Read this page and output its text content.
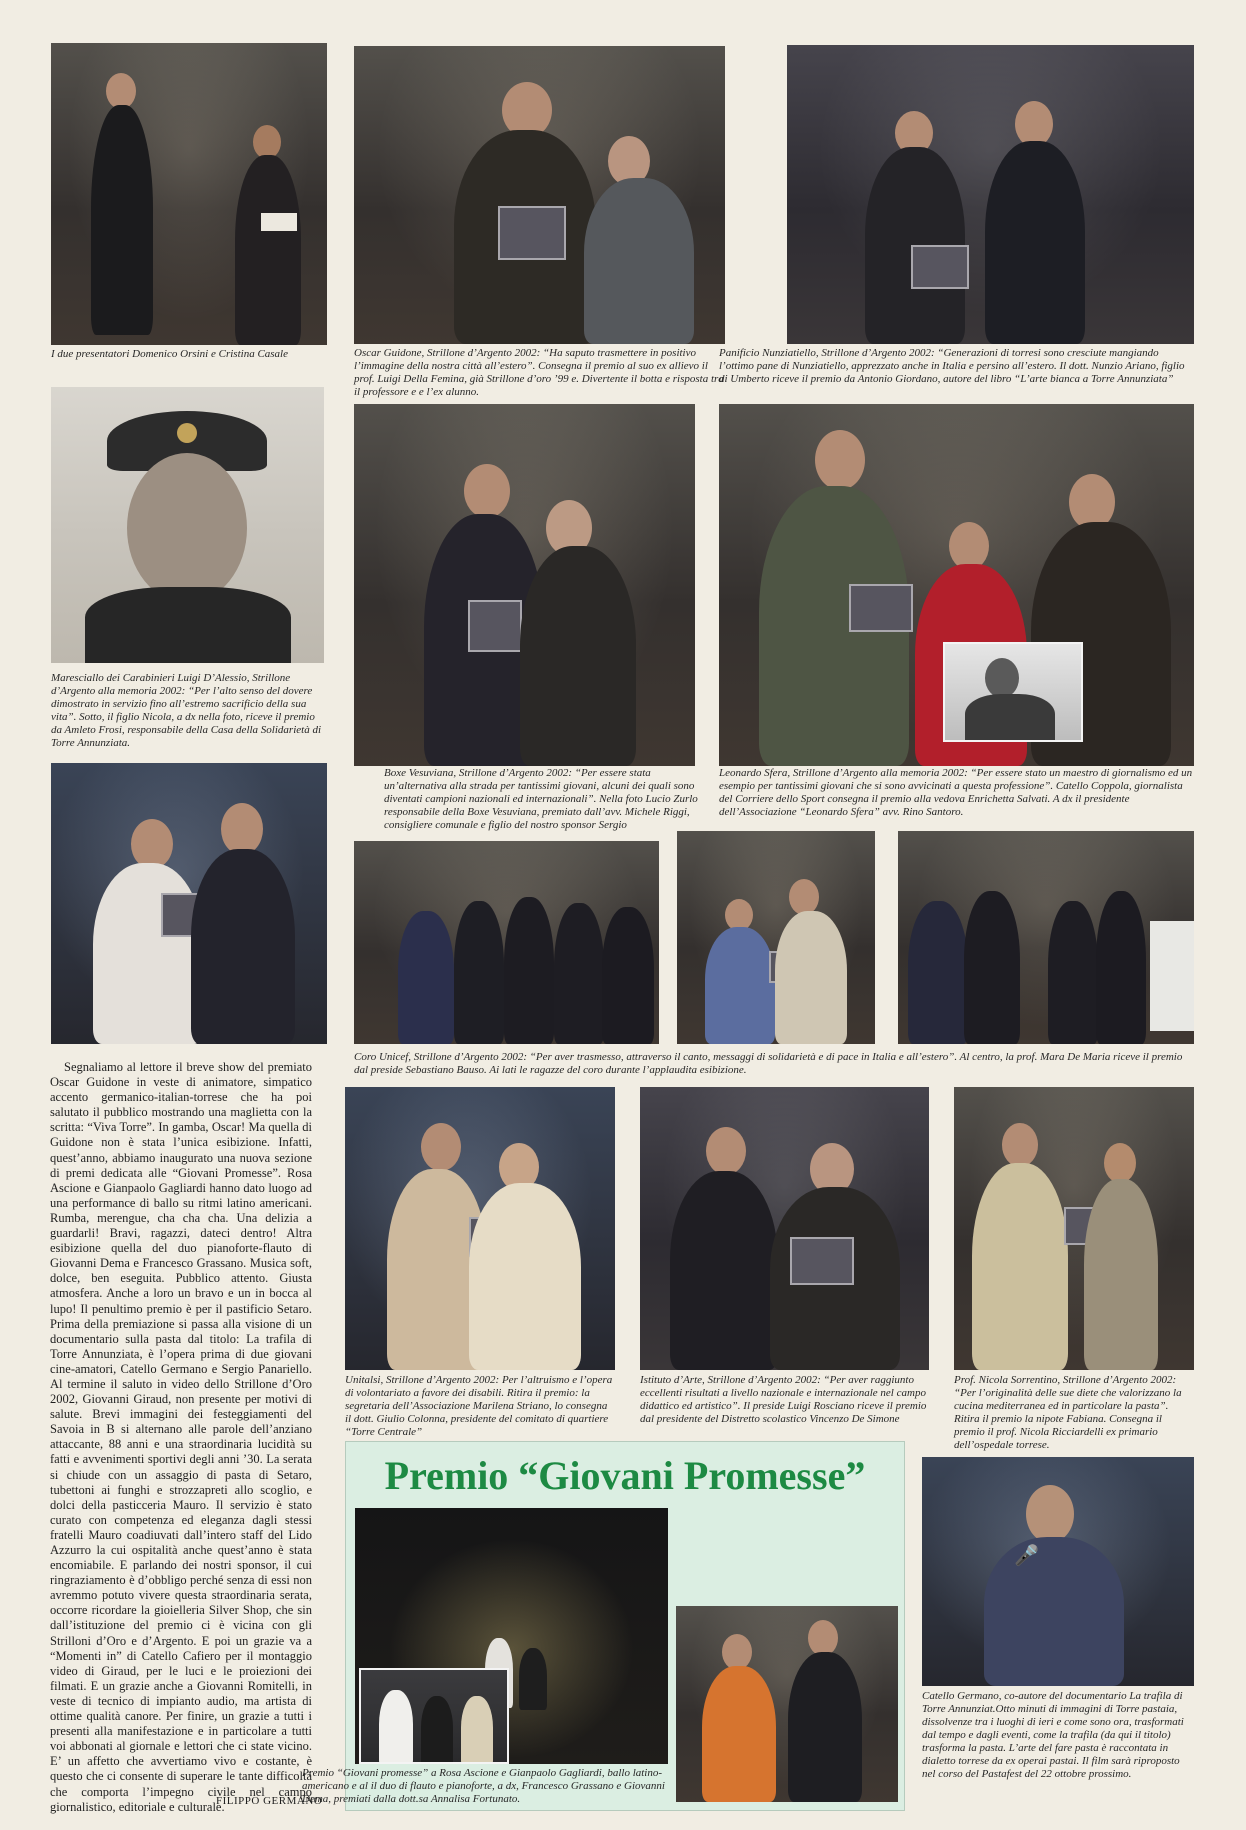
I due presentatori Domenico Orsini e Cristina Casale	Oscar Guidone, Strillone d’Argento 2002: “Ha saputo trasmettere in positivo l’immagine della nostra città all’estero”. Consegna il premio al suo ex allievo il prof. Luigi Della Femina, già Strillone d’oro ’99 e. Divertente il botta e risposta tra il professore e e l’ex alunno.

Panificio Nunziatiello, Strillone d’Argento 2002: “Generazioni di torresi sono cresciute mangiando l’ottimo pane di Nunziatiello, apprezzato anche in Italia e persino all’estero. Il dott. Nunzio Ariano, figlio di Umberto riceve il premio da Antonio Giordano, autore del libro “L’arte bianca a Torre Annunziata”

Maresciallo dei Carabinieri Luigi D’Alessio, Strillone d’Argento alla memoria 2002: “Per l’alto senso del dovere dimostrato in servizio fino all’estremo sacrificio della sua vita”. Sotto, il figlio Nicola, a dx nella foto, riceve il premio da Amleto Frosi, responsabile della Casa della Solidarietà di Torre Annunziata.

Boxe Vesuviana, Strillone d’Argento 2002: “Per essere stata un’alternativa alla strada per tantissimi giovani, alcuni dei quali sono diventati campioni nazionali ed internazionali”. Nella foto Lucio Zurlo responsabile della Boxe Vesuviana, premiato dall’avv. Michele Riggi, consigliere comunale e figlio del nostro sponsor Sergio

Leonardo Sfera, Strillone d’Argento alla memoria 2002: “Per essere stato un maestro di giornalismo ed un esempio per tantissimi giovani che si sono avvicinati a questa professione”. Catello Coppola, giornalista del Corriere dello Sport consegna il premio alla vedova Enrichetta Salvati. A dx il presidente dell’Associazione “Leonardo Sfera” avv. Rino Santoro.

Coro Unicef, Strillone d’Argento 2002: “Per aver trasmesso, attraverso il canto, messaggi di solidarietà e di pace in Italia e all’estero”. Al centro, la prof. Mara De Maria riceve il premio dal preside Sebastiano Bauso. Ai lati le ragazze del coro durante l’applaudita esibizione.

Segnaliamo al lettore il breve show del premiato Oscar Guidone in veste di animatore, simpatico accento germanico-italian-torrese che ha poi salutato il pubblico mostrando una maglietta con la scritta: “Viva Torre”. In gamba, Oscar! Ma quella di Guidone non è stata l’unica esibizione. Infatti, quest’anno, abbiamo inaugurato una nuova sezione di premi dedicata alle “Giovani Promesse”. Rosa Ascione e Gianpaolo Gagliardi hanno dato luogo ad una performance di ballo su ritmi latino americani. Rumba, merengue, cha cha cha. Una delizia a guardarli! Bravi, ragazzi, dateci dentro! Altra esibizione quella del duo pianoforte-flauto di Giovanni Dema e Francesco Grassano. Musica soft, dolce, ben eseguita. Pubblico attento. Giusta atmosfera. Anche a loro un bravo e un in bocca al lupo! Il penultimo premio è per il pastificio Setaro. Prima della premiazione si passa alla visione di un documentario sulla pasta dal titolo: La trafila di Torre Annunziata, è l’opera prima di due giovani cine-amatori, Catello Germano e Sergio Panariello. Al termine il saluto in video dello Strillone d’Oro 2002, Giovanni Giraud, non presente per motivi di salute. Brevi immagini dei festeggiamenti del Savoia in B si alternano alle parole dell’anziano attaccante, 88 anni e una straordinaria lucidità su fatti e avvenimenti sportivi degli anni ’30. La serata si chiude con un assaggio di pasta di Setaro, tubettoni ai funghi e strozzapreti allo scoglio, e dolci della pasticceria Mauro. Il servizio è stato curato con competenza ed eleganza dagli stessi fratelli Mauro coadiuvati dall’intero staff del Lido Azzurro la cui ospitalità anche quest’anno è stata encomiabile. E parlando dei nostri sponsor, il cui ringraziamento è d’obbligo perché senza di essi non avremmo potuto vivere questa straordinaria serata, occorre ricordare la gioielleria Silver Shop, che sin dall’istituzione del premio ci è vicina con gli Strilloni d’Oro e d’Argento. E poi un grazie va a “Momenti in” di Catello Cafiero per il montaggio video di Giraud, per le luci e le proiezioni dei filmati. E un grazie anche a Giovanni Romitelli, in veste di tecnico di impianto audio, ma artista di ottime qualità canore. Per finire, un grazie a tutti i presenti alla manifestazione e in particolare a tutti voi abbonati al giornale e lettori che ci state vicino. E’ un affetto che avvertiamo vivo e costante, è questo che ci consente di superare le tante difficoltà che comporta l’impegno civile nel campo giornalistico, editoriale e culturale.

FILIPPO GERMANO

Unitalsi, Strillone d’Argento 2002: Per l’altruismo e l’opera di volontariato a favore dei disabili. Ritira il premio: la segretaria dell’Associazione Marilena Striano, lo consegna il dott. Giulio Colonna, presidente del comitato di quartiere “Torre Centrale”

Istituto d’Arte, Strillone d’Argento 2002: “Per aver raggiunto eccellenti risultati a livello nazionale e internazionale nel campo didattico ed artistico”. Il preside Luigi Rosciano riceve il premio dal presidente del Distretto scolastico Vincenzo De Simone

Prof. Nicola Sorrentino, Strillone d’Argento 2002: “Per l’originalità delle sue diete che valorizzano la cucina mediterranea ed in particolare la pasta”. Ritira il premio la nipote Fabiana. Consegna il premio il prof. Nicola Ricciardelli ex primario dell’ospedale torrese.

Premio “Giovani Promesse”

Premio “Giovani promesse” a Rosa Ascione e Gianpaolo Gagliardi, ballo latino-americano e al il duo di flauto e pianoforte, a dx, Francesco Grassano e Giovanni Dema, premiati dalla dott.sa Annalisa Fortunato.

🎤

Catello Germano, co-autore del documentario La trafila di Torre Annunziat.Otto minuti di immagini di Torre pastaia, dissolvenze tra i luoghi di ieri e come sono ora, trasformati dal tempo e dagli eventi, come la trafila (da qui il titolo) trasforma la pasta. L’arte del fare pasta è raccontata in dialetto torrese da ex operai pastai. Il film sarà riproposto nel corso del Pastafest del 22 ottobre prossimo.
